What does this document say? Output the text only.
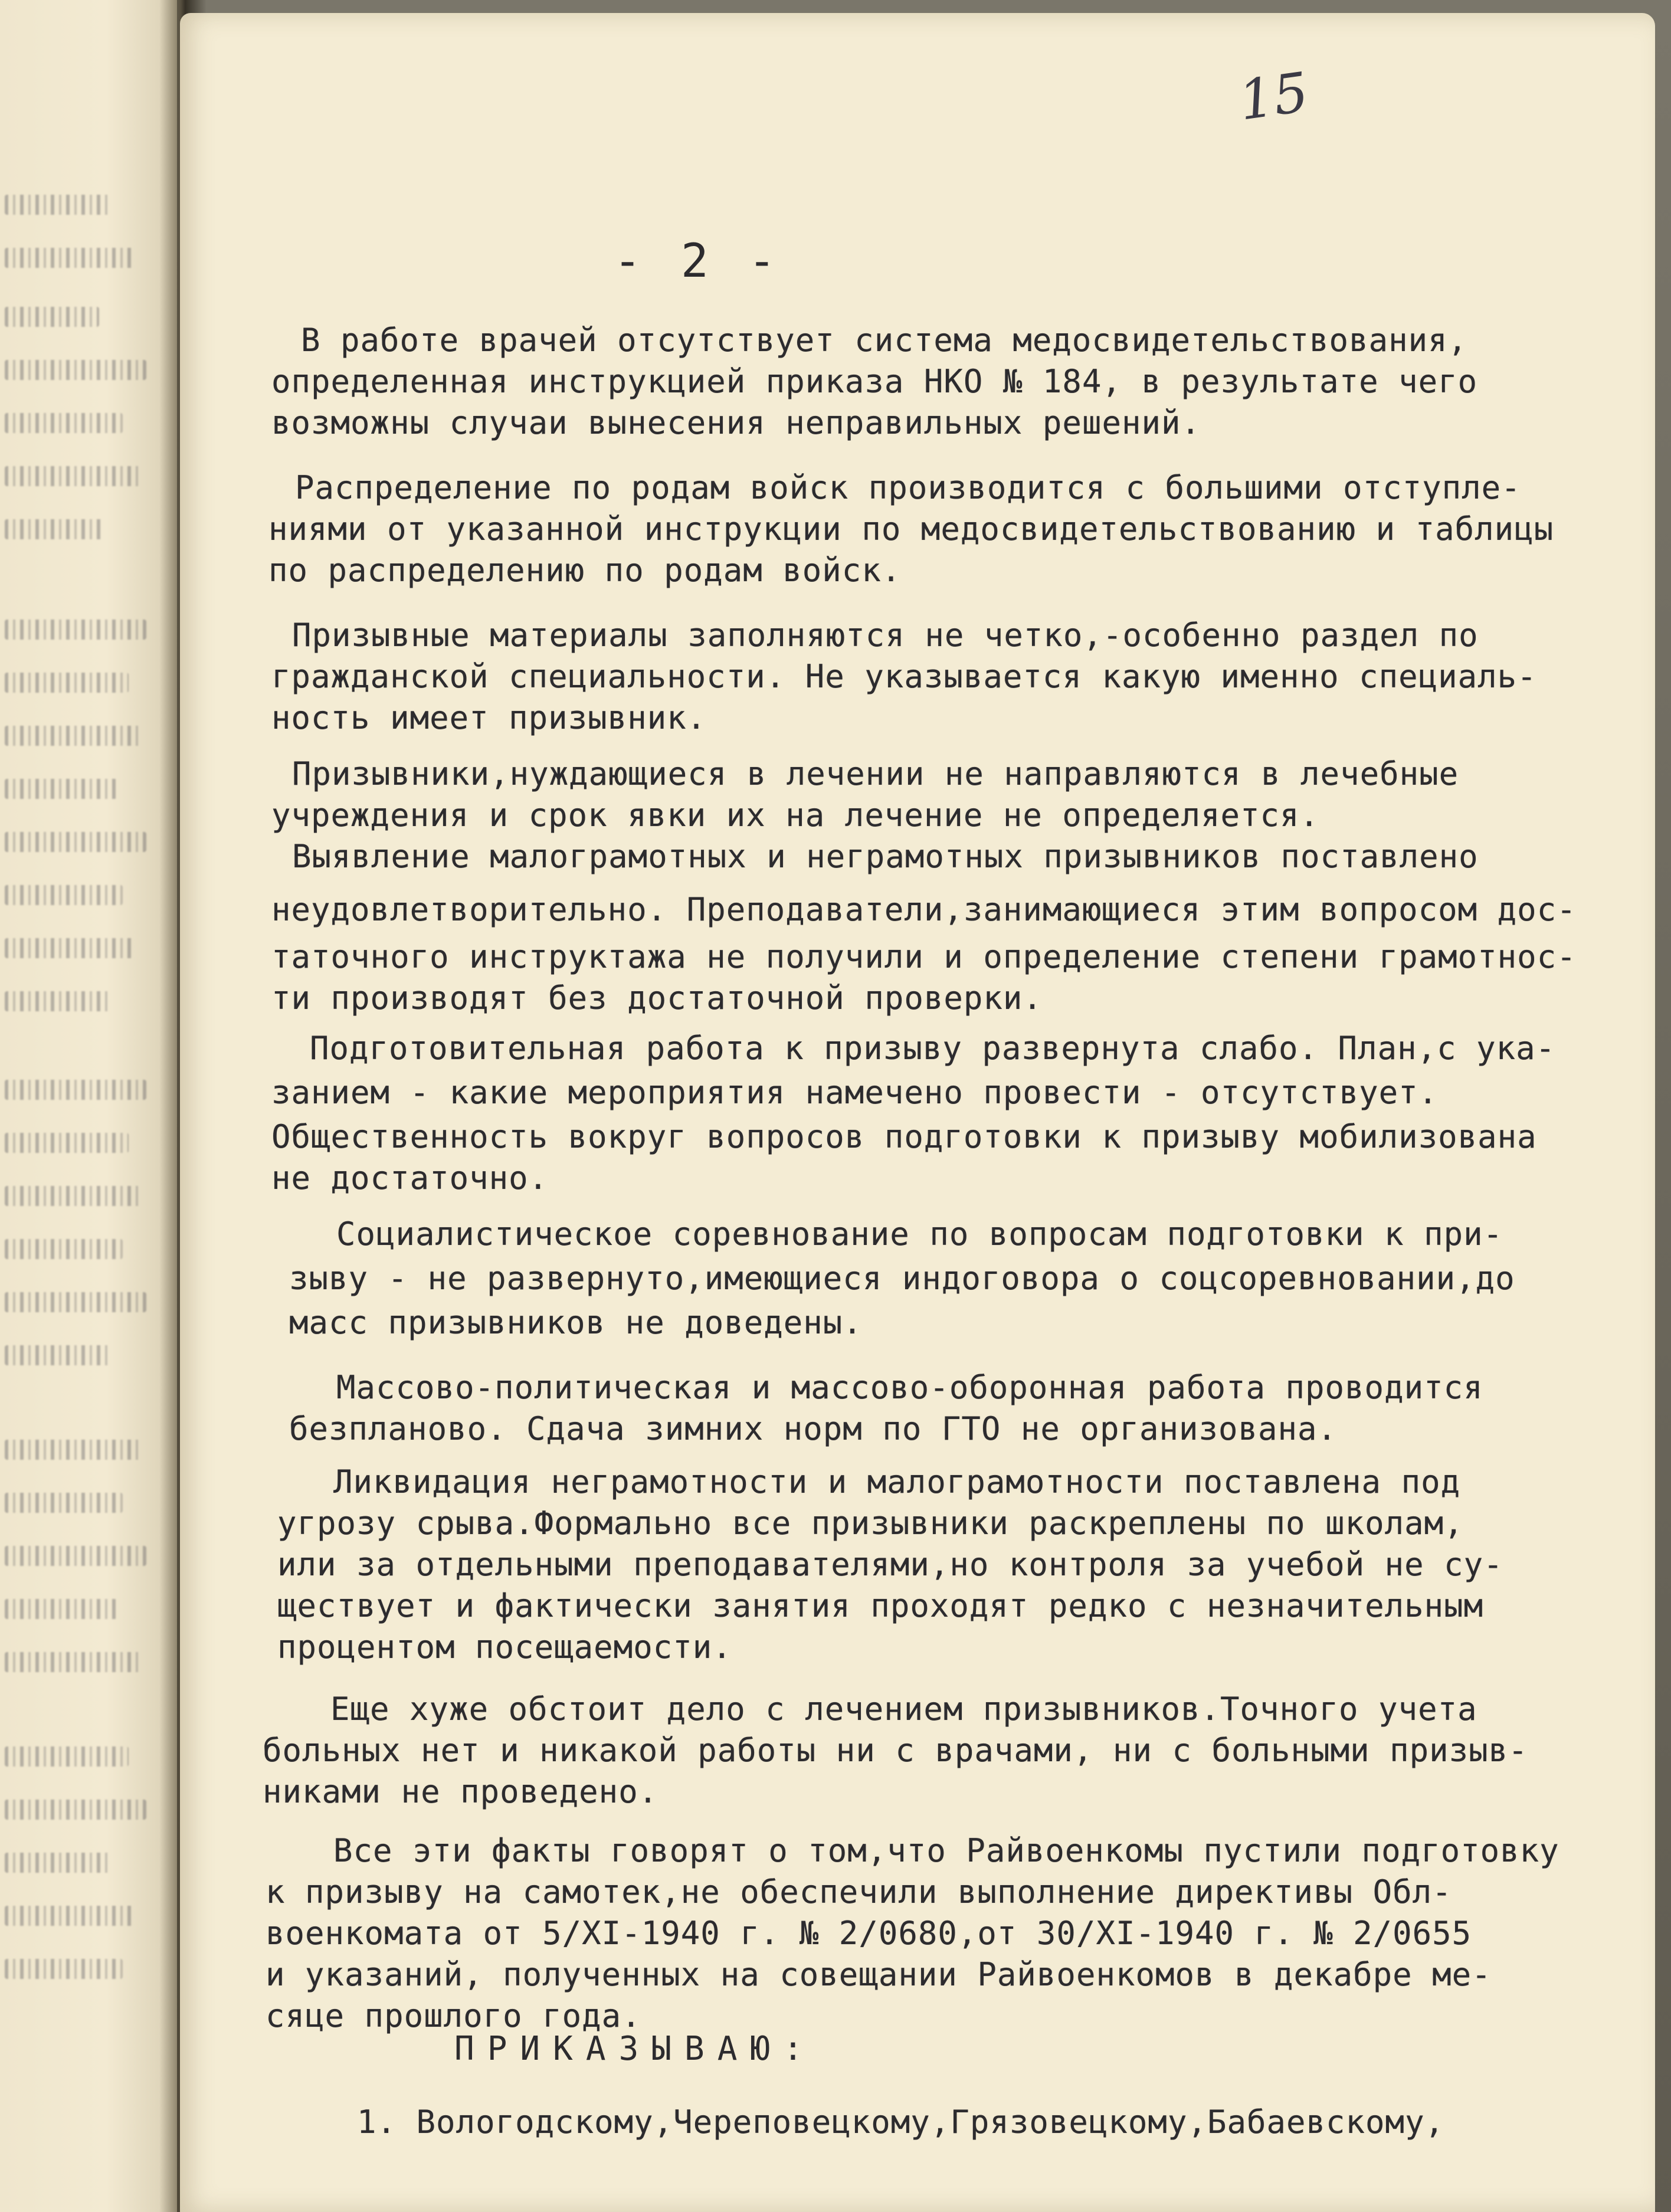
15

- 2 -

В работе врачей отсутствует система медосвидетельствования,

определенная инструкцией приказа НКО № 184, в результате чего

возможны случаи вынесения неправильных решений.

Распределение по родам войск производится с большими отступле-

ниями от указанной инструкции по медосвидетельствованию и таблицы

по распределению по родам войск.

Призывные материалы заполняются не четко,-особенно раздел по

гражданской специальности. Не указывается какую именно специаль-

ность имеет призывник.

Призывники,нуждающиеся в лечении не направляются в лечебные

учреждения и срок явки их на лечение не определяется.

Выявление малограмотных и неграмотных призывников поставлено

неудовлетворительно. Преподаватели,занимающиеся этим вопросом дос-

таточного инструктажа не получили и определение степени грамотнос-

ти производят без достаточной проверки.

Подготовительная работа к призыву развернута слабо. План,с ука-

занием - какие мероприятия намечено провести - отсутствует.

Общественность вокруг вопросов подготовки к призыву мобилизована

не достаточно.

Социалистическое соревнование по вопросам подготовки к при-

зыву - не развернуто,имеющиеся индоговора о соцсоревновании,до

масс призывников не доведены.

Массово-политическая и массово-оборонная работа проводится

безпланово. Сдача зимних норм по ГТО не организована.

Ликвидация неграмотности и малограмотности поставлена под

угрозу срыва.Формально все призывники раскреплены по школам,

или за отдельными преподавателями,но контроля за учебой не су-

ществует и фактически занятия проходят редко с незначительным

процентом посещаемости.

Еще хуже обстоит дело с лечением призывников.Точного учета

больных нет и никакой работы ни с врачами, ни с больными призыв-

никами не проведено.

Все эти факты говорят о том,что Райвоенкомы пустили подготовку

к призыву на самотек,не обеспечили выполнение директивы Обл-

военкомата от 5/XI-1940 г. № 2/0680,от 30/XI-1940 г. № 2/0655

и указаний, полученных на совещании Райвоенкомов в декабре ме-

сяце прошлого года.

ПРИКАЗЫВАЮ:

1. Вологодскому,Череповецкому,Грязовецкому,Бабаевскому,
